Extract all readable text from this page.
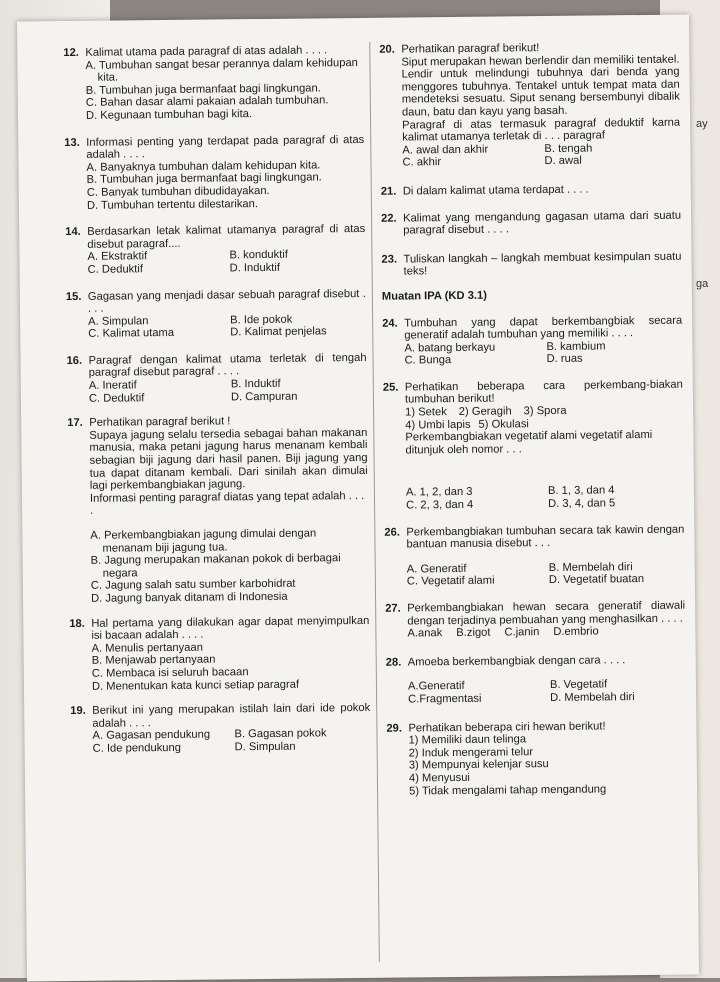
ay
ga
12. Kalimat utama pada paragraf di atas adalah . . . .
A. Tumbuhan sangat besar perannya dalam kehidupan kita.
B. Tumbuhan juga bermanfaat bagi lingkungan.
C. Bahan dasar alami pakaian adalah tumbuhan.
D. Kegunaan tumbuhan bagi kita.
13. Informasi penting yang terdapat pada paragraf di atas adalah . . . .
A. Banyaknya tumbuhan dalam kehidupan kita.
B. Tumbuhan juga bermanfaat bagi lingkungan.
C. Banyak tumbuhan dibudidayakan.
D. Tumbuhan tertentu dilestarikan.
14. Berdasarkan letak kalimat utamanya paragraf di atas disebut paragraf....
A. Ekstraktif	B. konduktif
C. Deduktif	D. Induktif
15. Gagasan yang menjadi dasar sebuah paragraf disebut . . . .
A. Simpulan	B. Ide pokok
C. Kalimat utama	D. Kalimat penjelas
16. Paragraf dengan kalimat utama terletak di tengah paragraf disebut paragraf . . . .
A. Ineratif	B. Induktif
C. Deduktif	D. Campuran
17. Perhatikan paragraf berikut !
Supaya jagung selalu tersedia sebagai bahan makanan manusia, maka petani jagung harus menanam kembali sebagian biji jagung dari hasil panen. Biji jagung yang tua dapat ditanam kembali. Dari sinilah akan dimulai lagi perkembangbiakan jagung.
Informasi penting paragraf diatas yang tepat adalah . . . .
A. Perkembangbiakan jagung dimulai dengan menanam biji jagung tua.
B. Jagung merupakan makanan pokok di berbagai negara
C. Jagung salah satu sumber karbohidrat
D. Jagung banyak ditanam di Indonesia
18. Hal pertama yang dilakukan agar dapat menyimpulkan isi bacaan adalah . . . .
A. Menulis pertanyaan
B. Menjawab pertanyaan
C. Membaca isi seluruh bacaan
D. Menentukan kata kunci setiap paragraf
19. Berikut ini yang merupakan istilah lain dari ide pokok adalah . . . .
A. Gagasan pendukung	B. Gagasan pokok
C. Ide pendukung	D. Simpulan
20. Perhatikan paragraf berikut!
Siput merupakan hewan berlendir dan memiliki tentakel. Lendir untuk melindungi tubuhnya dari benda yang menggores tubuhnya. Tentakel untuk tempat mata dan mendeteksi sesuatu. Siput senang bersembunyi dibalik daun, batu dan kayu yang basah.
Paragraf di atas termasuk paragraf deduktif karna kalimat utamanya terletak di . . . paragraf
A. awal dan akhir	B. tengah
C. akhir	D. awal
21. Di dalam kalimat utama terdapat . . . .
22. Kalimat yang mengandung gagasan utama dari suatu paragraf disebut . . . .
23. Tuliskan langkah – langkah membuat kesimpulan suatu teks!
Muatan IPA (KD 3.1)
24. Tumbuhan yang dapat berkembangbiak secara generatif adalah tumbuhan yang memiliki . . . .
A. batang berkayu	B. kambium
C. Bunga	D. ruas
25. Perhatikan beberapa cara perkembang-biakan tumbuhan berikut!
1) Setek 2) Geragih 3) Spora
4) Umbi lapis 5) Okulasi
Perkembangbiakan vegetatif alami vegetatif alami ditunjuk oleh nomor . . .
A. 1, 2, dan 3	B. 1, 3, dan 4
C. 2, 3, dan 4	D. 3, 4, dan 5
26. Perkembangbiakan tumbuhan secara tak kawin dengan bantuan manusia disebut . . .
A. Generatif	B. Membelah diri
C. Vegetatif alami	D. Vegetatif buatan
27. Perkembangbiakan hewan secara generatif diawali dengan terjadinya pembuahan yang menghasilkan . . . .
A.anak B.zigot C.janin D.embrio
28. Amoeba berkembangbiak dengan cara . . . .
A.Generatif	B. Vegetatif
C.Fragmentasi	D. Membelah diri
29. Perhatikan beberapa ciri hewan berikut!
1) Memiliki daun telinga
2) Induk mengerami telur
3) Mempunyai kelenjar susu
4) Menyusui
5) Tidak mengalami tahap mengandung
